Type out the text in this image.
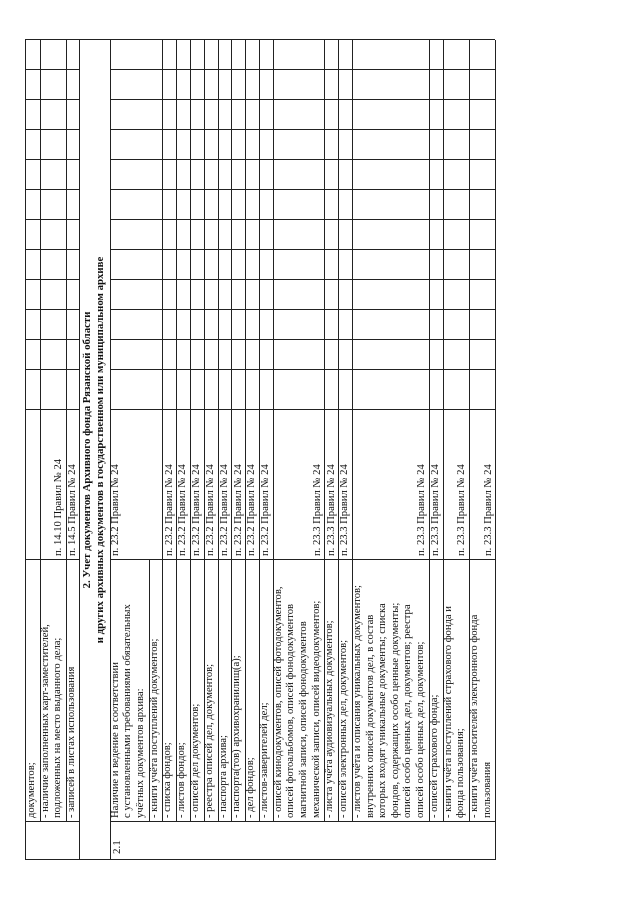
документов; - наличие заполненных карт-заместителей, подложенных на место выданного дела;
п. 14.10 Правил № 24
- записей в листах использования
п. 14.5 Правил № 24 2. Учет документов Архивного фонда Рязанской области и других архивных документов в государственном или муниципальном архиве
2.1
Наличие и ведение в соответствии с установленными требованиями обязательных учётных документов архива:
п. 23.2 Правил № 24
- книги учёта поступлений документов; - списка фондов;
п. 23.2 Правил № 24
- листов фондов;
п. 23.2 Правил № 24
- описей дел документов;
п. 23.2 Правил № 24
- реестра описей дел, документов;
п. 23.2 Правил № 24
- паспорта архива;
п. 23.2 Правил № 24
- паспорта(тов) архивохранилищ(а);
п. 23.2 Правил № 24
- дел фондов;
п. 23.2 Правил № 24
- листов-заверителей дел;
п. 23.2 Правил № 24
- описей кинодокументов, описей фотодокументов, описей фотоальбомов, описей фонодокументов магнитной записи, описей фонодокументов механической записи, описей видеодокументов;
п. 23.3 Правил № 24
- листа учёта аудиовизуальных документов;
п. 23.3 Правил № 24
- описей электронных дел, документов;
п. 23.3 Правил № 24
- листов учёта и описания уникальных документов; внутренних описей документов дел, в состав которых входят уникальные документы; списка фондов, содержащих особо ценные документы; описей особо ценных дел, документов; реестра описей особо ценных дел, документов;
п. 23.3 Правил № 24
- описей страхового фонда;
п. 23.3 Правил № 24
- книги учёта поступлений страхового фонда и фонда пользования;
п. 23.3 Правил № 24
- книги учёта носителей электронного фонда пользования
п. 23.3 Правил № 24
